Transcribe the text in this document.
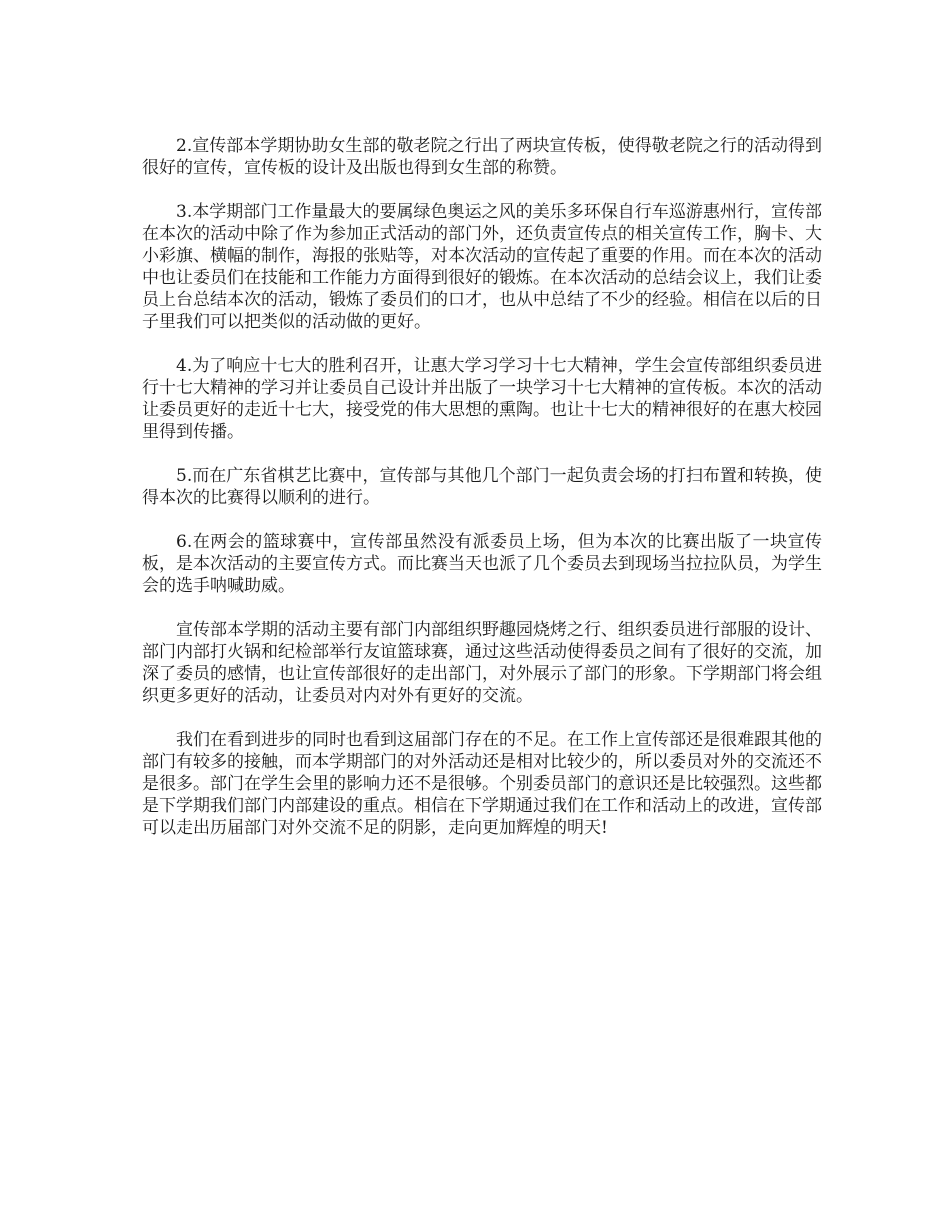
2.宣传部本学期协助女生部的敬老院之行出了两块宣传板，使得敬老院之行的活动得到很好的宣传，宣传板的设计及出版也得到女生部的称赞。

3.本学期部门工作量最大的要属绿色奥运之风的美乐多环保自行车巡游惠州行，宣传部在本次的活动中除了作为参加正式活动的部门外，还负责宣传点的相关宣传工作，胸卡、大小彩旗、横幅的制作，海报的张贴等，对本次活动的宣传起了重要的作用。而在本次的活动中也让委员们在技能和工作能力方面得到很好的锻炼。在本次活动的总结会议上，我们让委员上台总结本次的活动，锻炼了委员们的口才，也从中总结了不少的经验。相信在以后的日子里我们可以把类似的活动做的更好。

4.为了响应十七大的胜利召开，让惠大学习学习十七大精神，学生会宣传部组织委员进行十七大精神的学习并让委员自己设计并出版了一块学习十七大精神的宣传板。本次的活动让委员更好的走近十七大，接受党的伟大思想的熏陶。也让十七大的精神很好的在惠大校园里得到传播。

5.而在广东省棋艺比赛中，宣传部与其他几个部门一起负责会场的打扫布置和转换，使得本次的比赛得以顺利的进行。

6.在两会的篮球赛中，宣传部虽然没有派委员上场，但为本次的比赛出版了一块宣传板，是本次活动的主要宣传方式。而比赛当天也派了几个委员去到现场当拉拉队员，为学生会的选手呐喊助威。

宣传部本学期的活动主要有部门内部组织野趣园烧烤之行、组织委员进行部服的设计、部门内部打火锅和纪检部举行友谊篮球赛，通过这些活动使得委员之间有了很好的交流，加深了委员的感情，也让宣传部很好的走出部门，对外展示了部门的形象。下学期部门将会组织更多更好的活动，让委员对内对外有更好的交流。

我们在看到进步的同时也看到这届部门存在的不足。在工作上宣传部还是很难跟其他的部门有较多的接触，而本学期部门的对外活动还是相对比较少的，所以委员对外的交流还不是很多。部门在学生会里的影响力还不是很够。个别委员部门的意识还是比较强烈。这些都是下学期我们部门内部建设的重点。相信在下学期通过我们在工作和活动上的改进，宣传部可以走出历届部门对外交流不足的阴影，走向更加辉煌的明天!
